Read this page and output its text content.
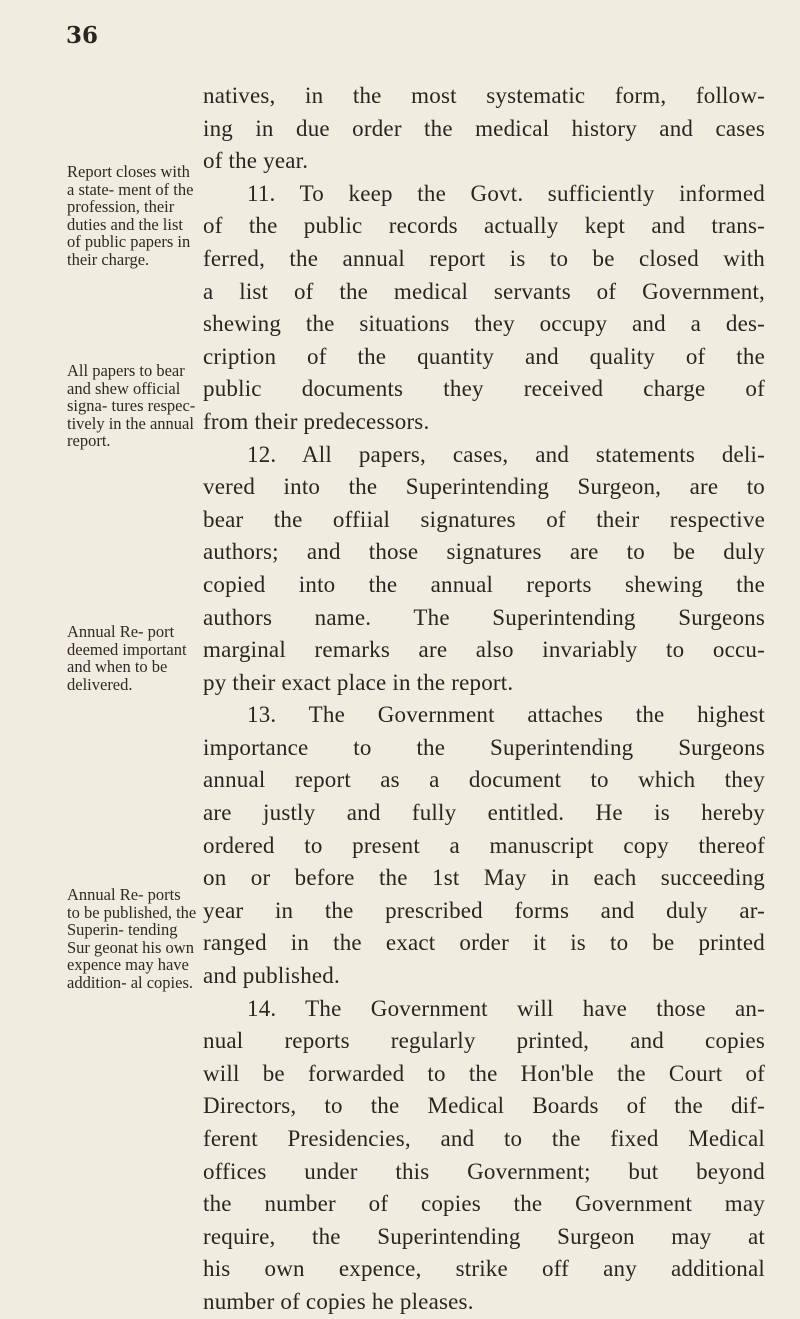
36
Report closes with a state- ment of the profession, their duties and the list of public papers in their charge.
All papers to bear and shew official signa- tures respec- tively in the annual report.
Annual Re- port deemed important and when to be delivered.
Annual Re- ports to be published, the Superin- tending Sur geonat his own expence may have addition- al copies.
natives, in the most systematic form, follow-
ing in due order the medical history and cases
of the year.
11. To keep the Govt. sufficiently informed
of the public records actually kept and trans-
ferred, the annual report is to be closed with
a list of the medical servants of Government,
shewing the situations they occupy and a des-
cription of the quantity and quality of the
public documents they received charge of
from their predecessors.
12. All papers, cases, and statements deli-
vered into the Superintending Surgeon, are to
bear the offiial signatures of their respective
authors; and those signatures are to be duly
copied into the annual reports shewing the
authors name. The Superintending Surgeons
marginal remarks are also invariably to occu-
py their exact place in the report.
13. The Government attaches the highest
importance to the Superintending Surgeons
annual report as a document to which they
are justly and fully entitled. He is hereby
ordered to present a manuscript copy thereof
on or before the 1st May in each succeeding
year in the prescribed forms and duly ar-
ranged in the exact order it is to be printed
and published.
14. The Government will have those an-
nual reports regularly printed, and copies
will be forwarded to the Hon'ble the Court of
Directors, to the Medical Boards of the dif-
ferent Presidencies, and to the fixed Medical
offices under this Government; but beyond
the number of copies the Government may
require, the Superintending Surgeon may at
his own expence, strike off any additional
number of copies he pleases.
